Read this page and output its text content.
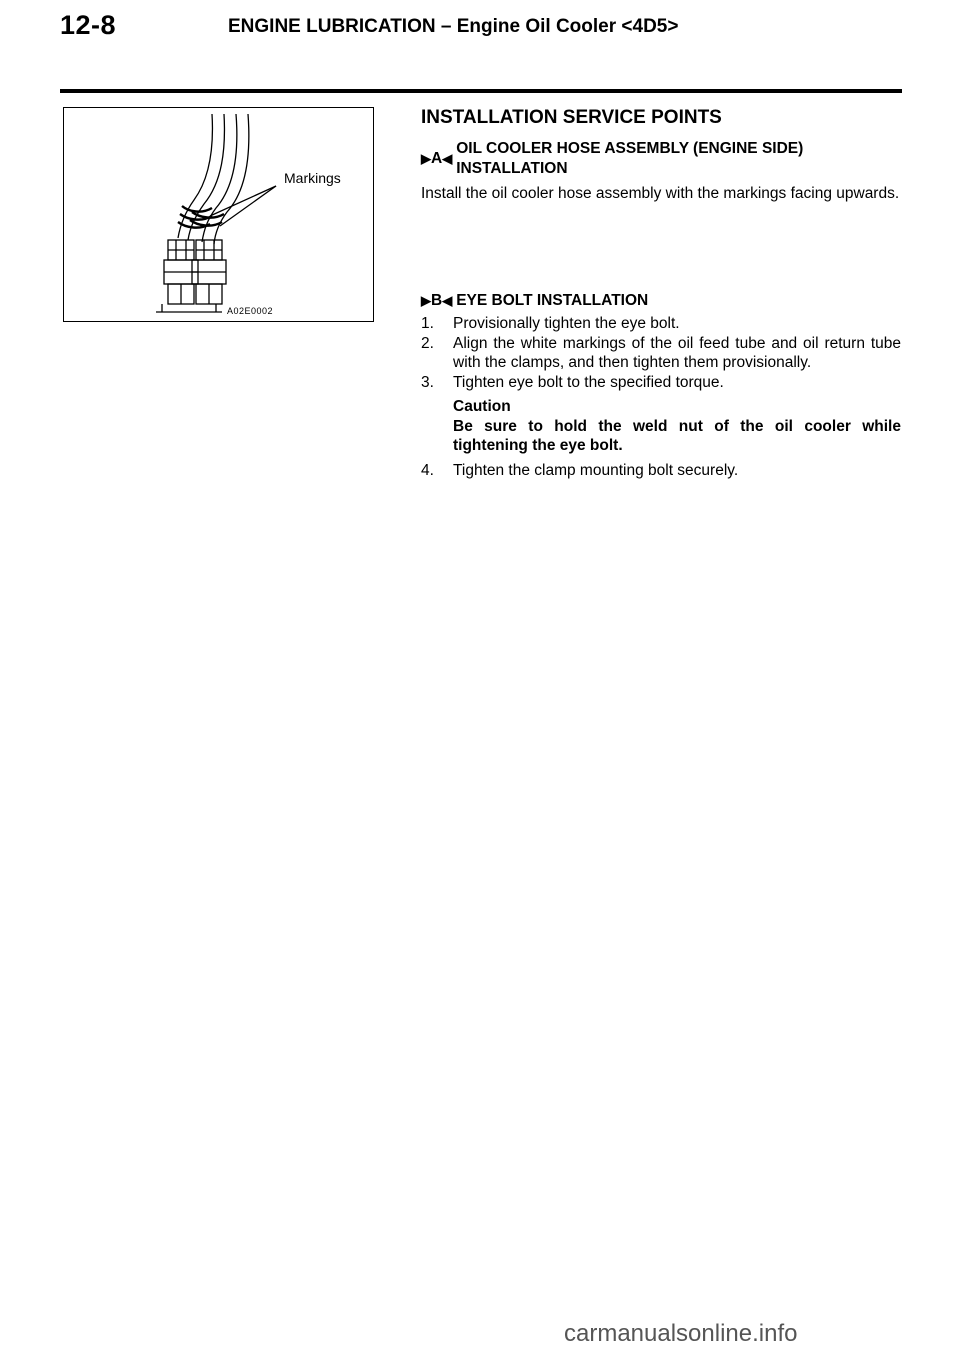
12-8	ENGINE LUBRICATION – Engine Oil Cooler <4D5>
Markings
A02E0002
INSTALLATION SERVICE POINTS
▶ A ◀
OIL COOLER HOSE ASSEMBLY (ENGINE SIDE)
INSTALLATION
Install the oil cooler hose assembly with the markings facing upwards.
▶ B ◀ EYE BOLT INSTALLATION
1.	Provisionally tighten the eye bolt.
2.	Align the white markings of the oil feed tube and oil return tube with the clamps, and then tighten them provisionally.
3.	Tighten eye bolt to the specified torque.
Caution
Be sure to hold the weld nut of the oil cooler while tightening the eye bolt.
4.	Tighten the clamp mounting bolt securely.
carmanualsonline.info
